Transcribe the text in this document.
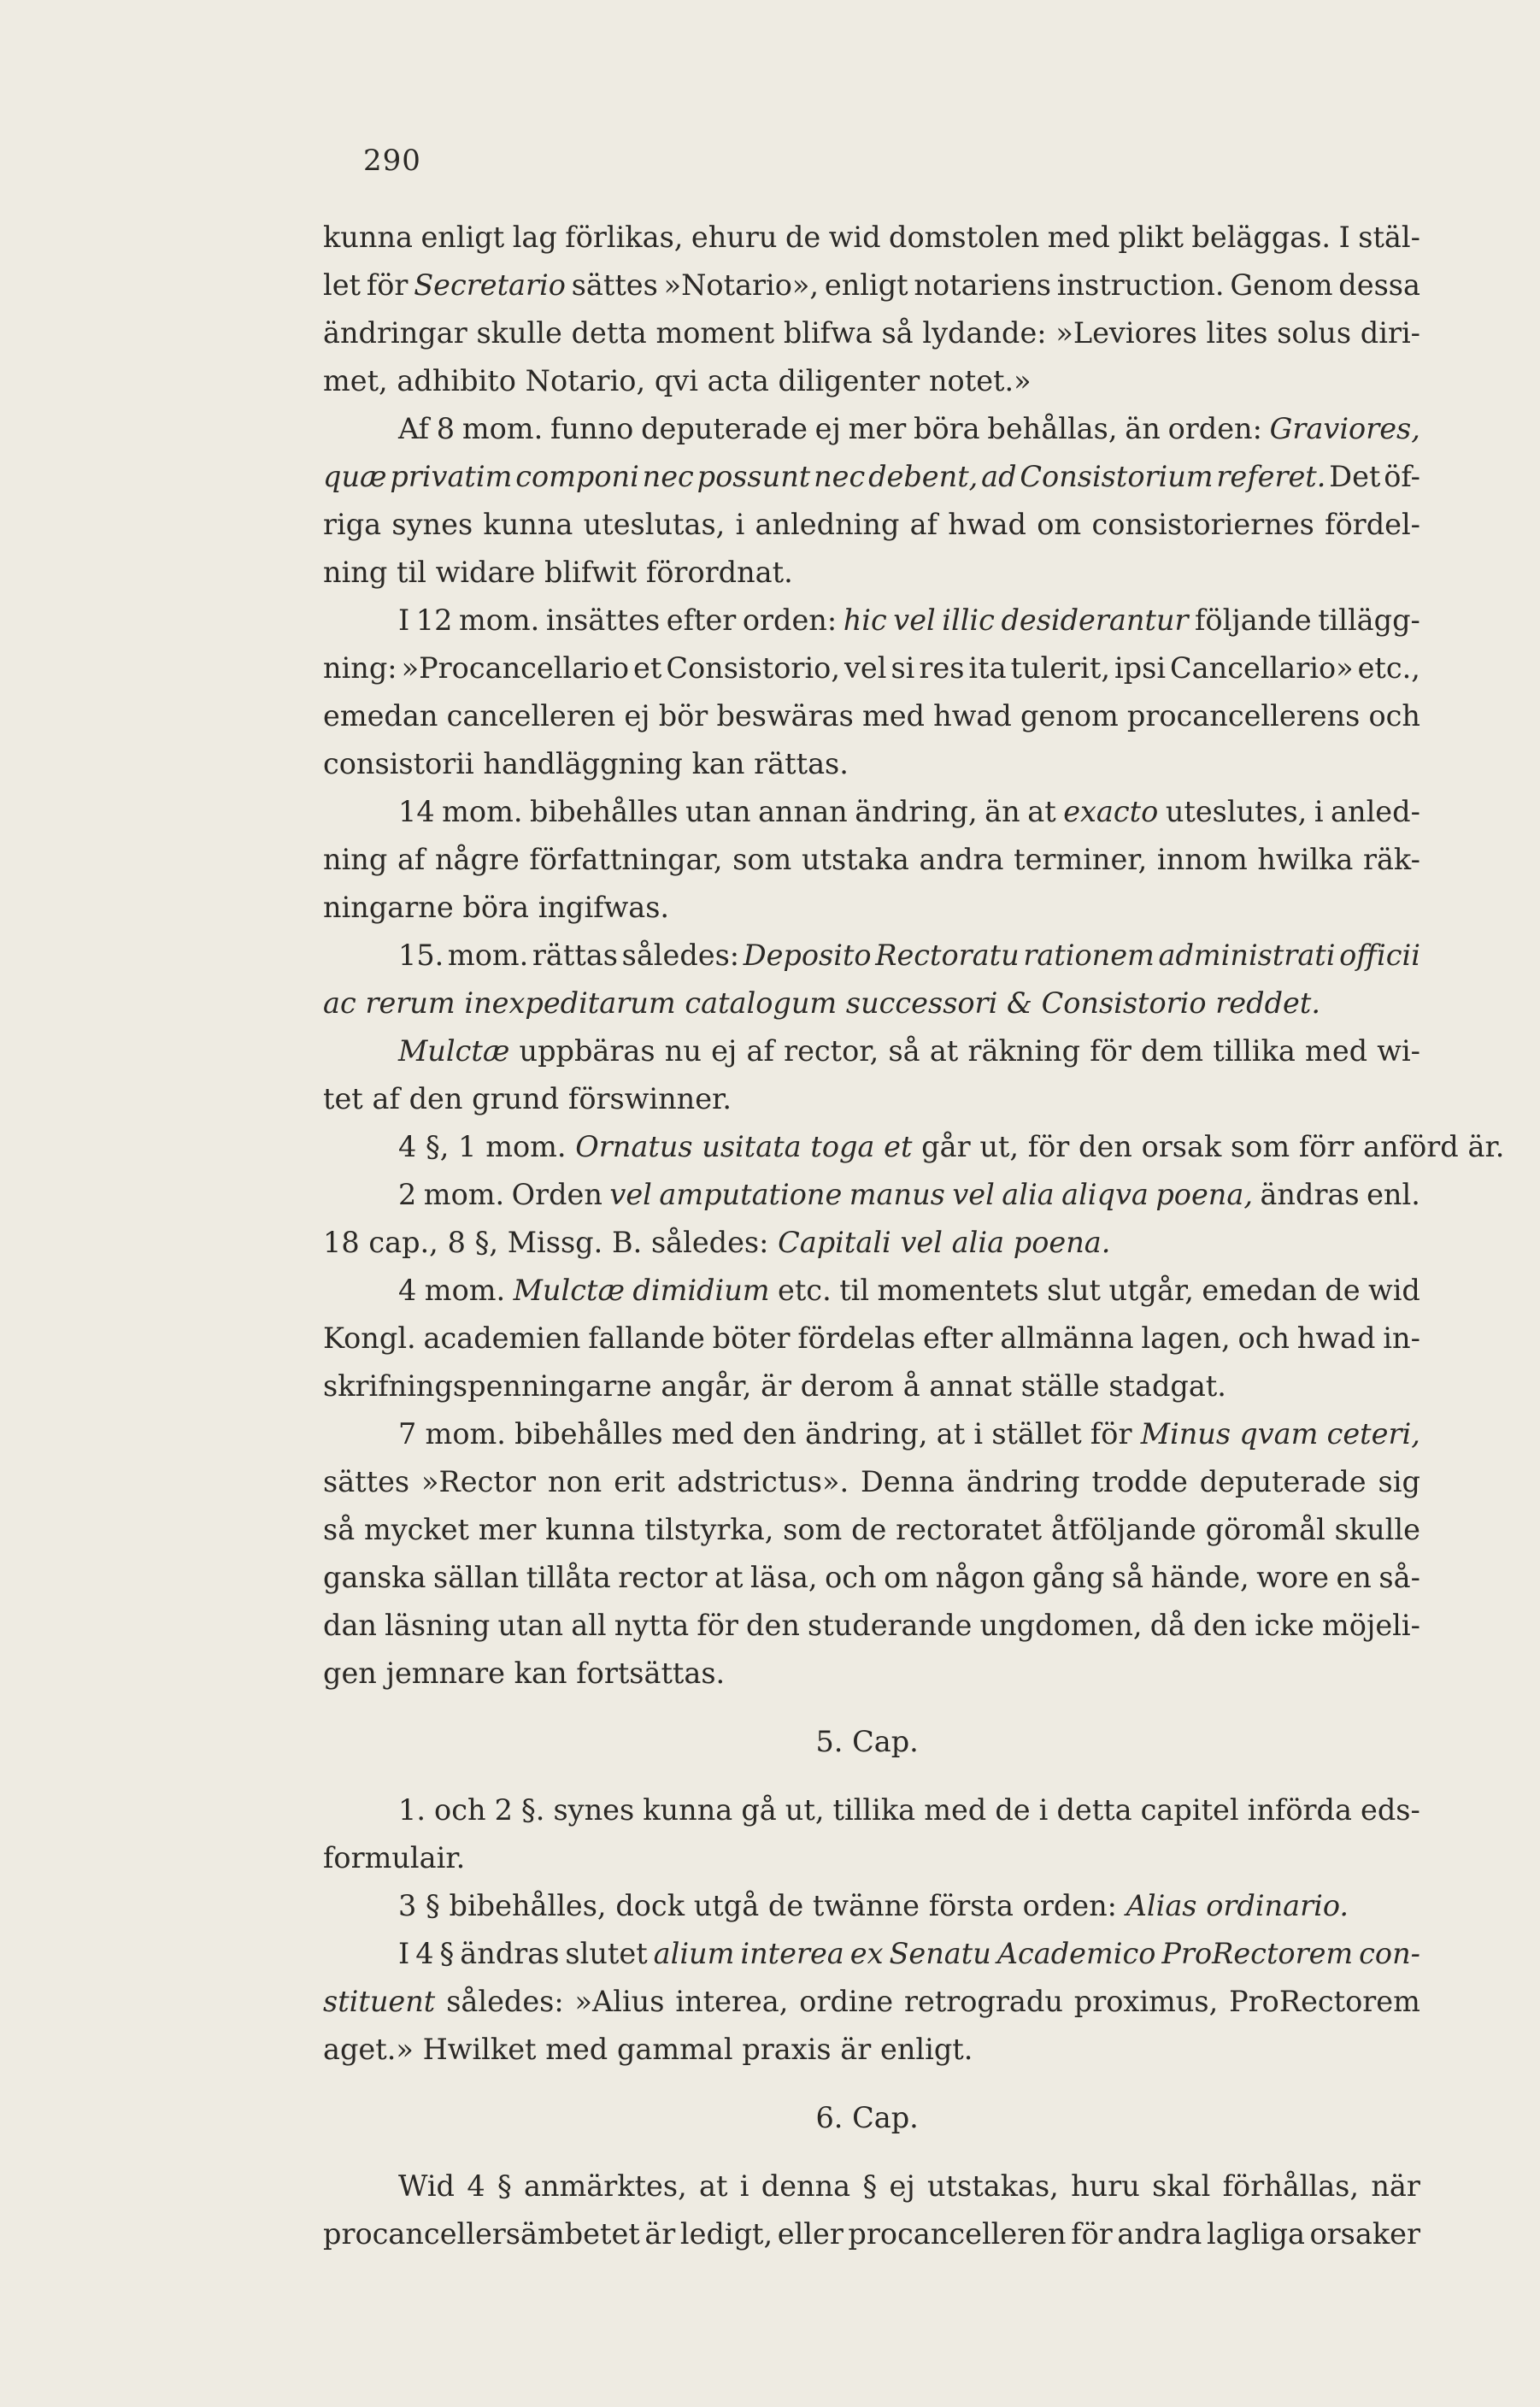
290
kunna enligt lag förlikas, ehuru de wid domstolen med plikt beläggas. I stäl-
let för Secretario sättes »Notario», enligt notariens instruction. Genom dessa
ändringar skulle detta moment blifwa så lydande: »Leviores lites solus diri-
met, adhibito Notario, qvi acta diligenter notet.»
Af 8 mom. funno deputerade ej mer böra behållas, än orden: Graviores,
quæ privatim componi nec possunt nec debent, ad Consistorium referet. Det öf-
riga synes kunna uteslutas, i anledning af hwad om consistoriernes fördel-
ning til widare blifwit förordnat.
I 12 mom. insättes efter orden: hic vel illic desiderantur följande tillägg-
ning: »Procancellario et Consistorio, vel si res ita tulerit, ipsi Cancellario» etc.,
emedan cancelleren ej bör beswäras med hwad genom procancellerens och
consistorii handläggning kan rättas.
14 mom. bibehålles utan annan ändring, än at exacto uteslutes, i anled-
ning af någre författningar, som utstaka andra terminer, innom hwilka räk-
ningarne böra ingifwas.
15. mom. rättas således: Deposito Rectoratu rationem administrati officii
ac rerum inexpeditarum catalogum successori & Consistorio reddet.
Mulctæ uppbäras nu ej af rector, så at räkning för dem tillika med wi-
tet af den grund förswinner.
4 §, 1 mom. Ornatus usitata toga et går ut, för den orsak som förr anförd är.
2 mom. Orden vel amputatione manus vel alia aliqva poena, ändras enl.
18 cap., 8 §, Missg. B. således: Capitali vel alia poena.
4 mom. Mulctæ dimidium etc. til momentets slut utgår, emedan de wid
Kongl. academien fallande böter fördelas efter allmänna lagen, och hwad in-
skrifningspenningarne angår, är derom å annat ställe stadgat.
7 mom. bibehålles med den ändring, at i stället för Minus qvam ceteri,
sättes »Rector non erit adstrictus». Denna ändring trodde deputerade sig
så mycket mer kunna tilstyrka, som de rectoratet åtföljande göromål skulle
ganska sällan tillåta rector at läsa, och om någon gång så hände, wore en så-
dan läsning utan all nytta för den studerande ungdomen, då den icke möjeli-
gen jemnare kan fortsättas.
5. Cap.
1. och 2 §. synes kunna gå ut, tillika med de i detta capitel införda eds-
formulair.
3 § bibehålles, dock utgå de twänne första orden: Alias ordinario.
I 4 § ändras slutet alium interea ex Senatu Academico ProRectorem con-
stituent således: »Alius interea, ordine retrogradu proximus, ProRectorem
aget.» Hwilket med gammal praxis är enligt.
6. Cap.
Wid 4 § anmärktes, at i denna § ej utstakas, huru skal förhållas, när
procancellersämbetet är ledigt, eller procancelleren för andra lagliga orsaker
